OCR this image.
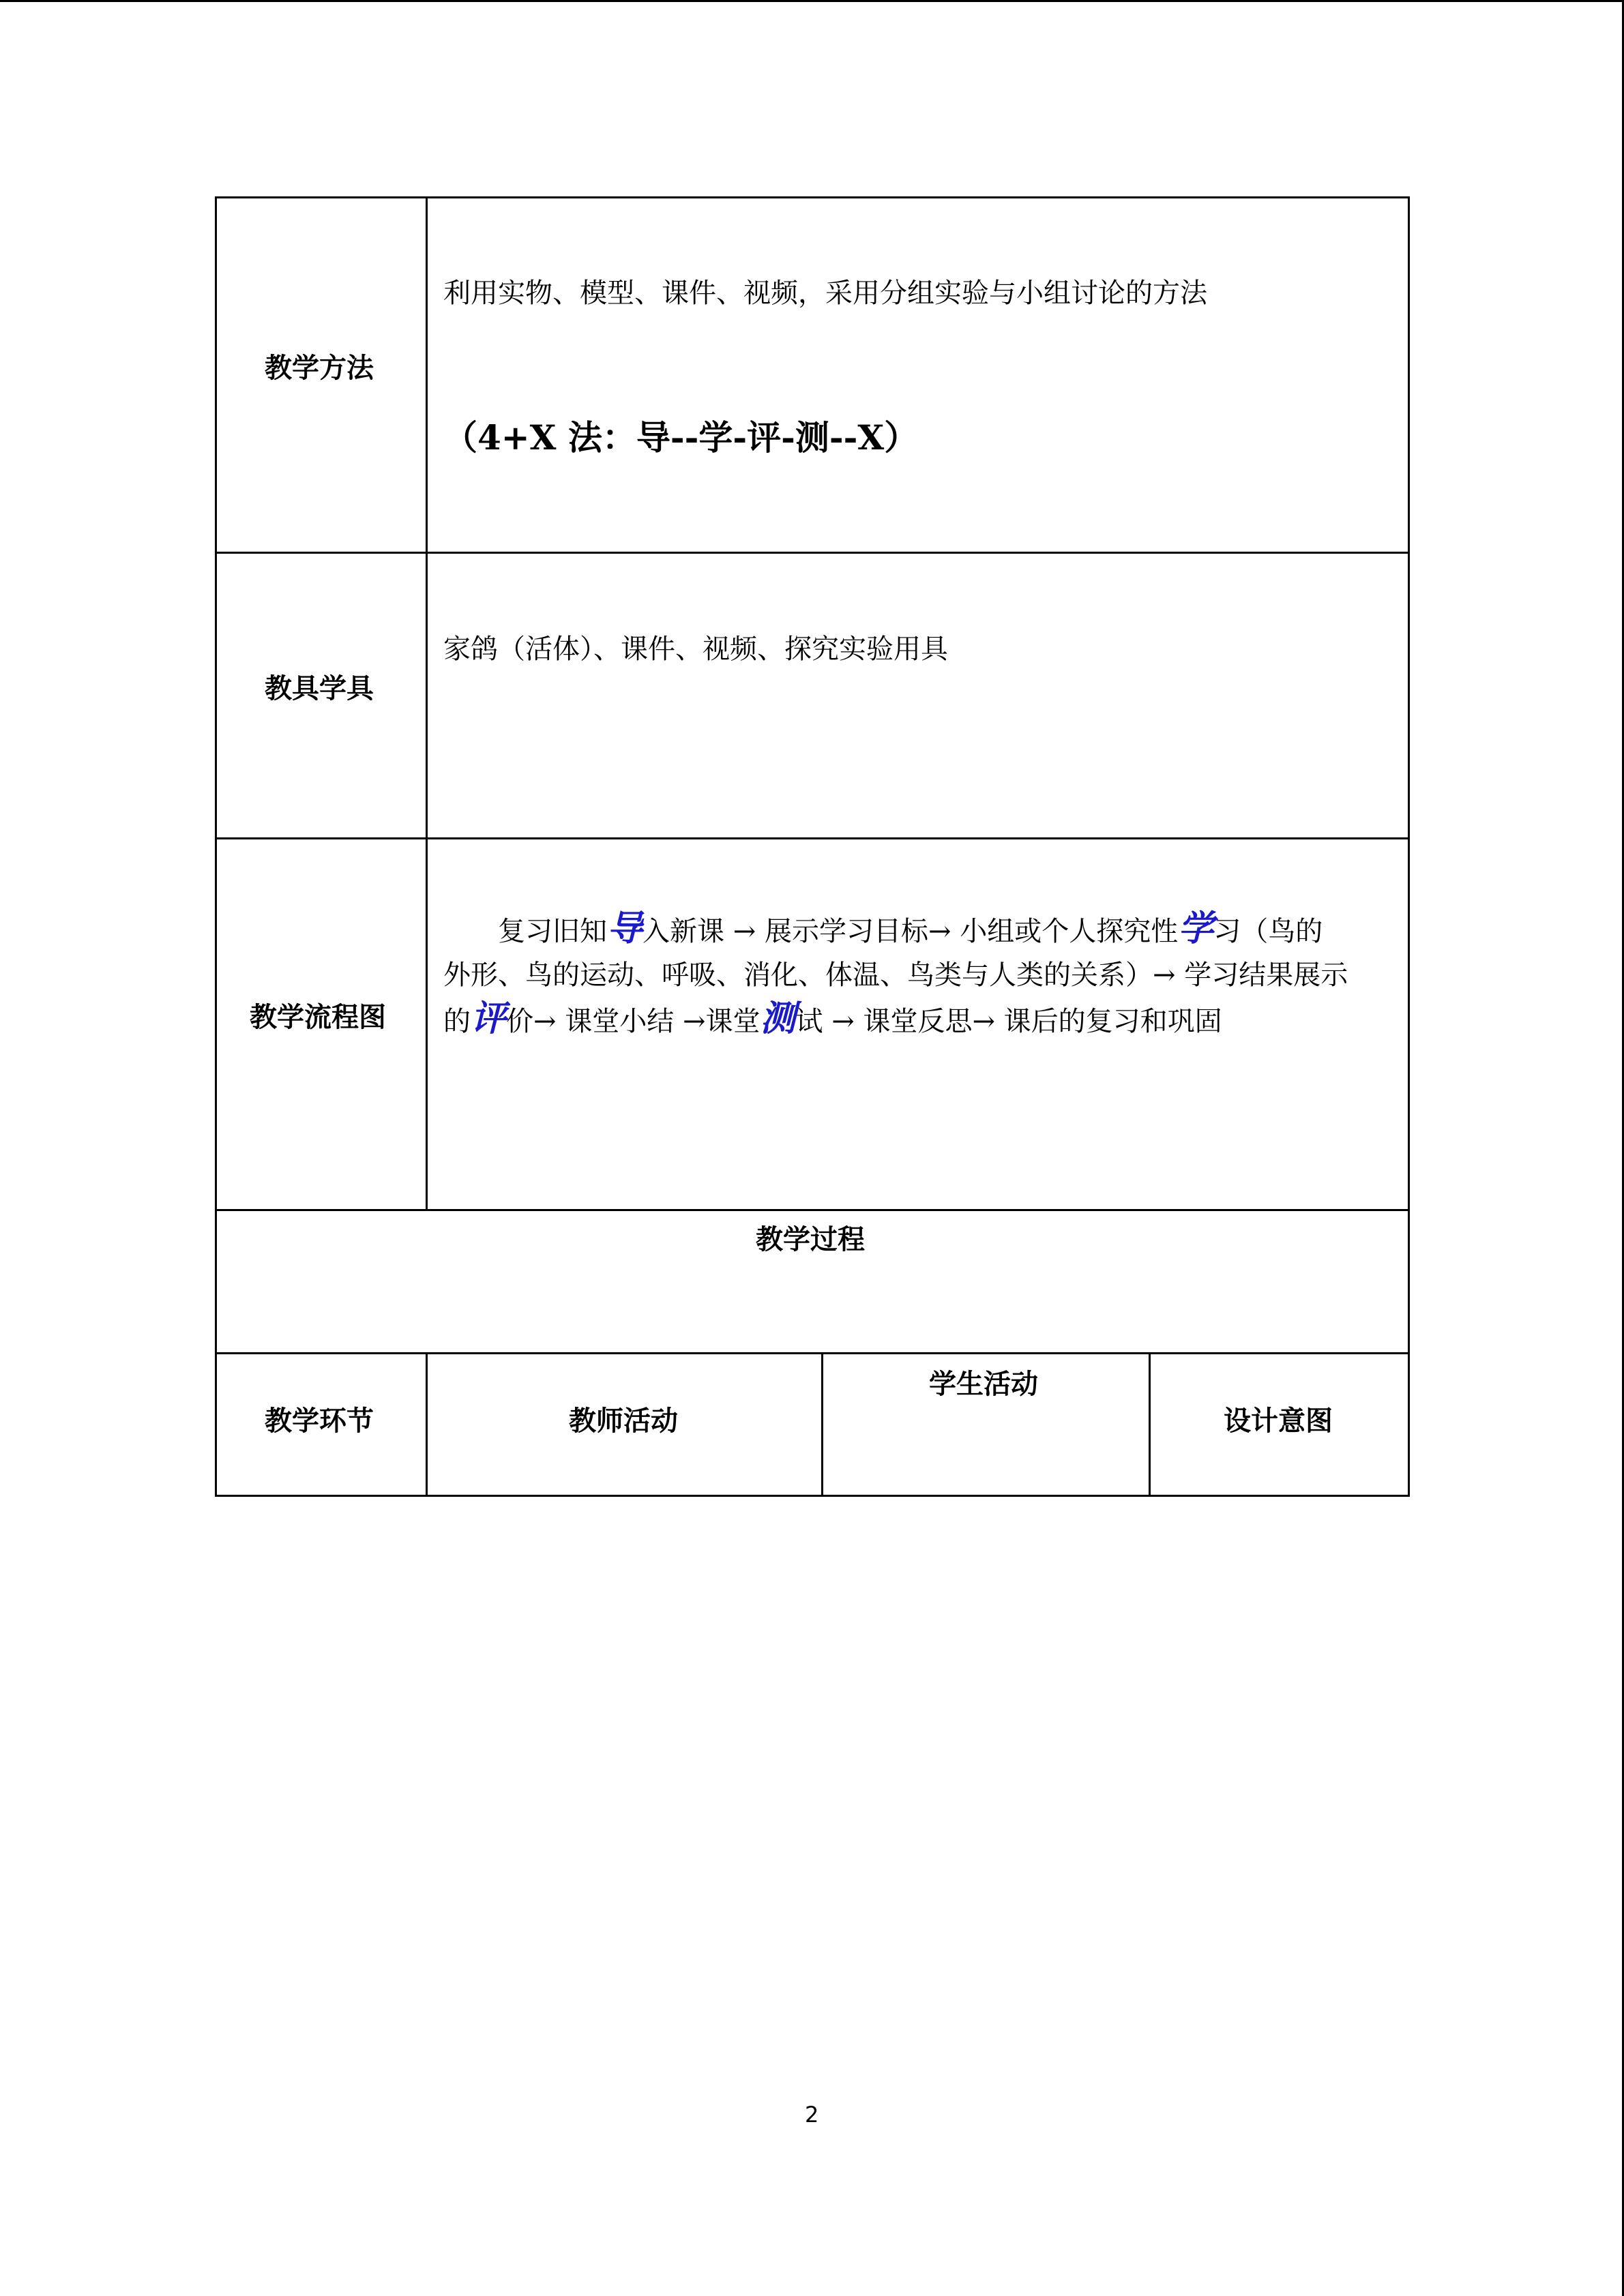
教学方法
利用实物、模型、课件、视频，采用分组实验与小组讨论的方法
（4+X 法：导--学-评-测--X）
教具学具
家鸽（活体）、课件、视频、探究实验用具
教学流程图

　　复习旧知导入新课 → 展示学习目标→ 小组或个人探究性学习（鸟的

外形、鸟的运动、呼吸、消化、体温、鸟类与人类的关系）→ 学习结果展示

的评价→ 课堂小结 →课堂测试 → 课堂反思→ 课后的复习和巩固

教学过程
教学环节	教师活动
学生活动
设计意图
2
